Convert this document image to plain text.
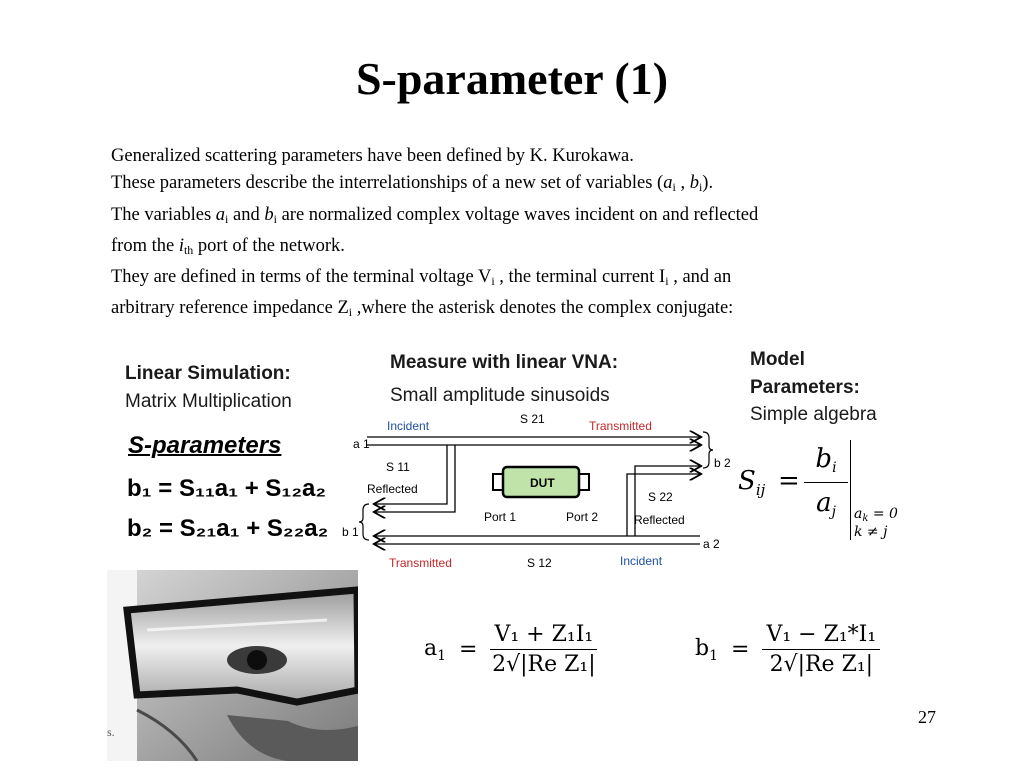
S-parameter (1)
Generalized scattering parameters have been defined by K. Kurokawa.
These parameters describe the interrelationships of a new set of variables ($a_i$ , $b_i$).
The variables $a_i$ and $b_i$ are normalized complex voltage waves incident on and reflected
from the $i_{th}$ port of the network.
They are defined in terms of the terminal voltage $V_i$ , the terminal current $I_i$ , and an
arbitrary reference impedance $Z_i$ ,where the asterisk denotes the complex conjugate:
Linear Simulation:
Matrix Multiplication
S-parameters
b₁ = S₁₁a₁ + S₁₂a₂
b₂ = S₂₁a₁ + S₂₂a₂
Measure with linear VNA:
Small amplitude sinusoids
Incident	S 21	Transmitted
a 1
S 11
Reflected
b 2
DUT
Port 1	Port 2
S 22
Reflected
b 1
a 2
Transmitted	S 12	Incident
Model
Parameters:
Simple algebra
$S_{ij}$ =
bi
aj	$a_k = 0$
k ≠ j
s.
$a_1 = \frac{\text{V₁ + Z₁I₁}}{\text{2√|Re Z₁|}}$	$b_1 = \frac{\text{V₁ − Z₁*I₁}}{\text{2√|Re Z₁|}}$
27
